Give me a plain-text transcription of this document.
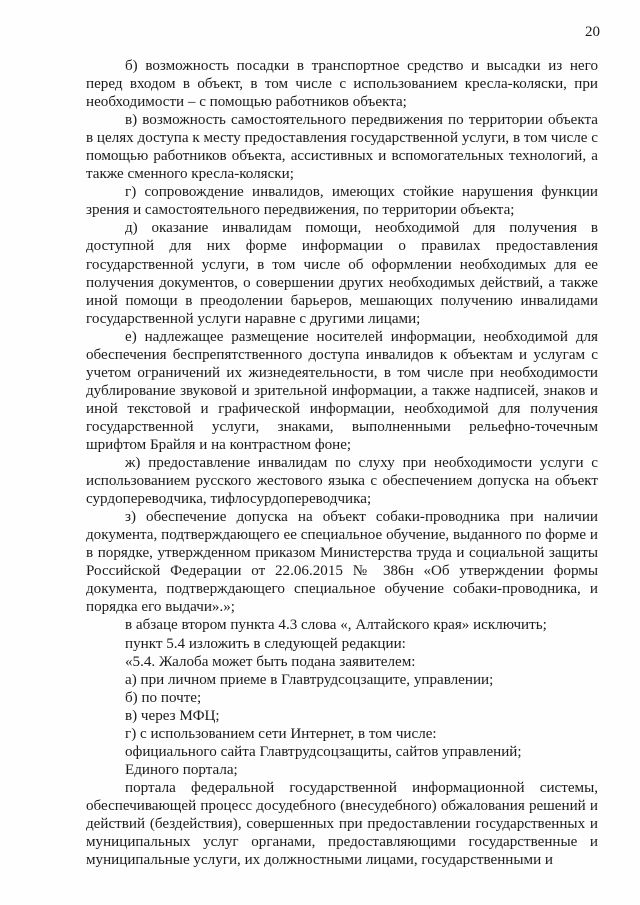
20

б) возможность посадки в транспортное средство и высадки из него перед входом в объект, в том числе с использованием кресла-коляски, при необходимости – с помощью работников объекта;

в) возможность самостоятельного передвижения по территории объекта в целях доступа к месту предоставления государственной услуги, в том числе с помощью работников объекта, ассистивных и вспомогательных технологий, а также сменного кресла-коляски;

г) сопровождение инвалидов, имеющих стойкие нарушения функции зрения и самостоятельного передвижения, по территории объекта;

д) оказание инвалидам помощи, необходимой для получения в доступной для них форме информации о правилах предоставления государственной услуги, в том числе об оформлении необходимых для ее получения документов, о совершении других необходимых действий, а также иной помощи в преодолении барьеров, мешающих получению инвалидами государственной услуги наравне с другими лицами;

е) надлежащее размещение носителей информации, необходимой для обеспечения беспрепятственного доступа инвалидов к объектам и услугам с учетом ограничений их жизнедеятельности, в том числе при необходимости дублирование звуковой и зрительной информации, а также надписей, знаков и иной текстовой и графической информации, необходимой для получения государственной услуги, знаками, выполненными рельефно-точечным шрифтом Брайля и на контрастном фоне;

ж) предоставление инвалидам по слуху при необходимости услуги с использованием русского жестового языка с обеспечением допуска на объект сурдопереводчика, тифлосурдопереводчика;

з) обеспечение допуска на объект собаки-проводника при наличии документа, подтверждающего ее специальное обучение, выданного по форме и в порядке, утвержденном приказом Министерства труда и социальной защиты Российской Федерации от 22.06.2015 № 386н «Об утверждении формы документа, подтверждающего специальное обучение собаки-проводника, и порядка его выдачи».»;

в абзаце втором пункта 4.3 слова «, Алтайского края» исключить;

пункт 5.4 изложить в следующей редакции:

«5.4. Жалоба может быть подана заявителем:

а) при личном приеме в Главтрудсоцзащите, управлении;

б) по почте;

в) через МФЦ;

г) с использованием сети Интернет, в том числе:

официального сайта Главтрудсоцзащиты, сайтов управлений;

Единого портала;

портала федеральной государственной информационной системы, обеспечивающей процесс досудебного (внесудебного) обжалования решений и действий (бездействия), совершенных при предоставлении государственных и муниципальных услуг органами, предоставляющими государственные и муниципальные услуги, их должностными лицами, государственными и
